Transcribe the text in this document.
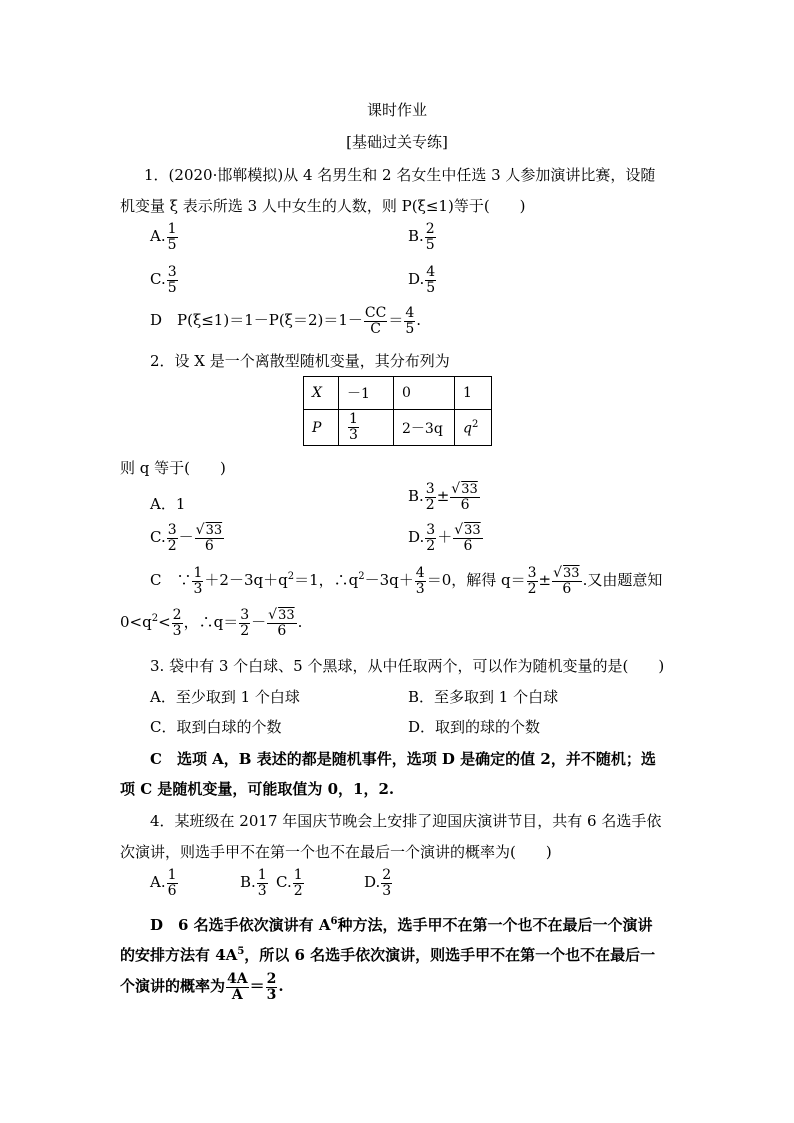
课时作业
[基础过关专练]
1．(2020·邯郸模拟)从 4 名男生和 2 名女生中任选 3 人参加演讲比赛，设随
机变量 ξ 表示所选 3 人中女生的人数，则 P(ξ≤1)等于(　　)
A. $\frac{1}{5}$	B. $\frac{2}{5}$
C. $\frac{3}{5}$	D. $\frac{4}{5}$
D　$P(\xi\le 1)=1-P(\xi=2)=1- \frac{CC}{C} = \frac{4}{5}$ .
2．设 X 是一个离散型随机变量，其分布列为
X	－1	0	1
P	$\frac{1}{3}$	2－3q	$q^2$
则 q 等于(　　)
A．1	B. $\frac{3}{2} \pm \frac{√33}{6}$
C. $\frac{3}{2} - \frac{√33}{6}$	D. $\frac{3}{2} + \frac{√33}{6}$
C　∵ $\frac{1}{3} +2-3q+q^2=1$，$\therefore q^2-3q+ \frac{4}{3} =0$，解得 $q= \frac{3}{2} \pm \frac{√33}{6}$ .又由题意知
$0<q^2< \frac{2}{3}$ ，∴q＝ $\frac{3}{2} - \frac{√33}{6}$ .
3. 袋中有 3 个白球、5 个黑球，从中任取两个，可以作为随机变量的是(　　)
A．至少取到 1 个白球	B．至多取到 1 个白球
C．取到白球的个数	D．取到的球的个数
C　选项 A，B 表述的都是随机事件，选项 D 是确定的值 2，并不随机；选
项 C 是随机变量，可能取值为 0，1，2.
4．某班级在 2017 年国庆节晚会上安排了迎国庆演讲节目，共有 6 名选手依
次演讲，则选手甲不在第一个也不在最后一个演讲的概率为(　　)
A. $\frac{1}{6}$	B. $\frac{1}{3} C$. $\frac{1}{2}$	D. $\frac{2}{3}$
D　6 名选手依次演讲有 $A^6$种方法，选手甲不在第一个也不在最后一个演讲
的安排方法有 $4A^5$，所以 6 名选手依次演讲，则选手甲不在第一个也不在最后一
个演讲的概率为 $\frac{4A}{A} = \frac{2}{3}$ .
